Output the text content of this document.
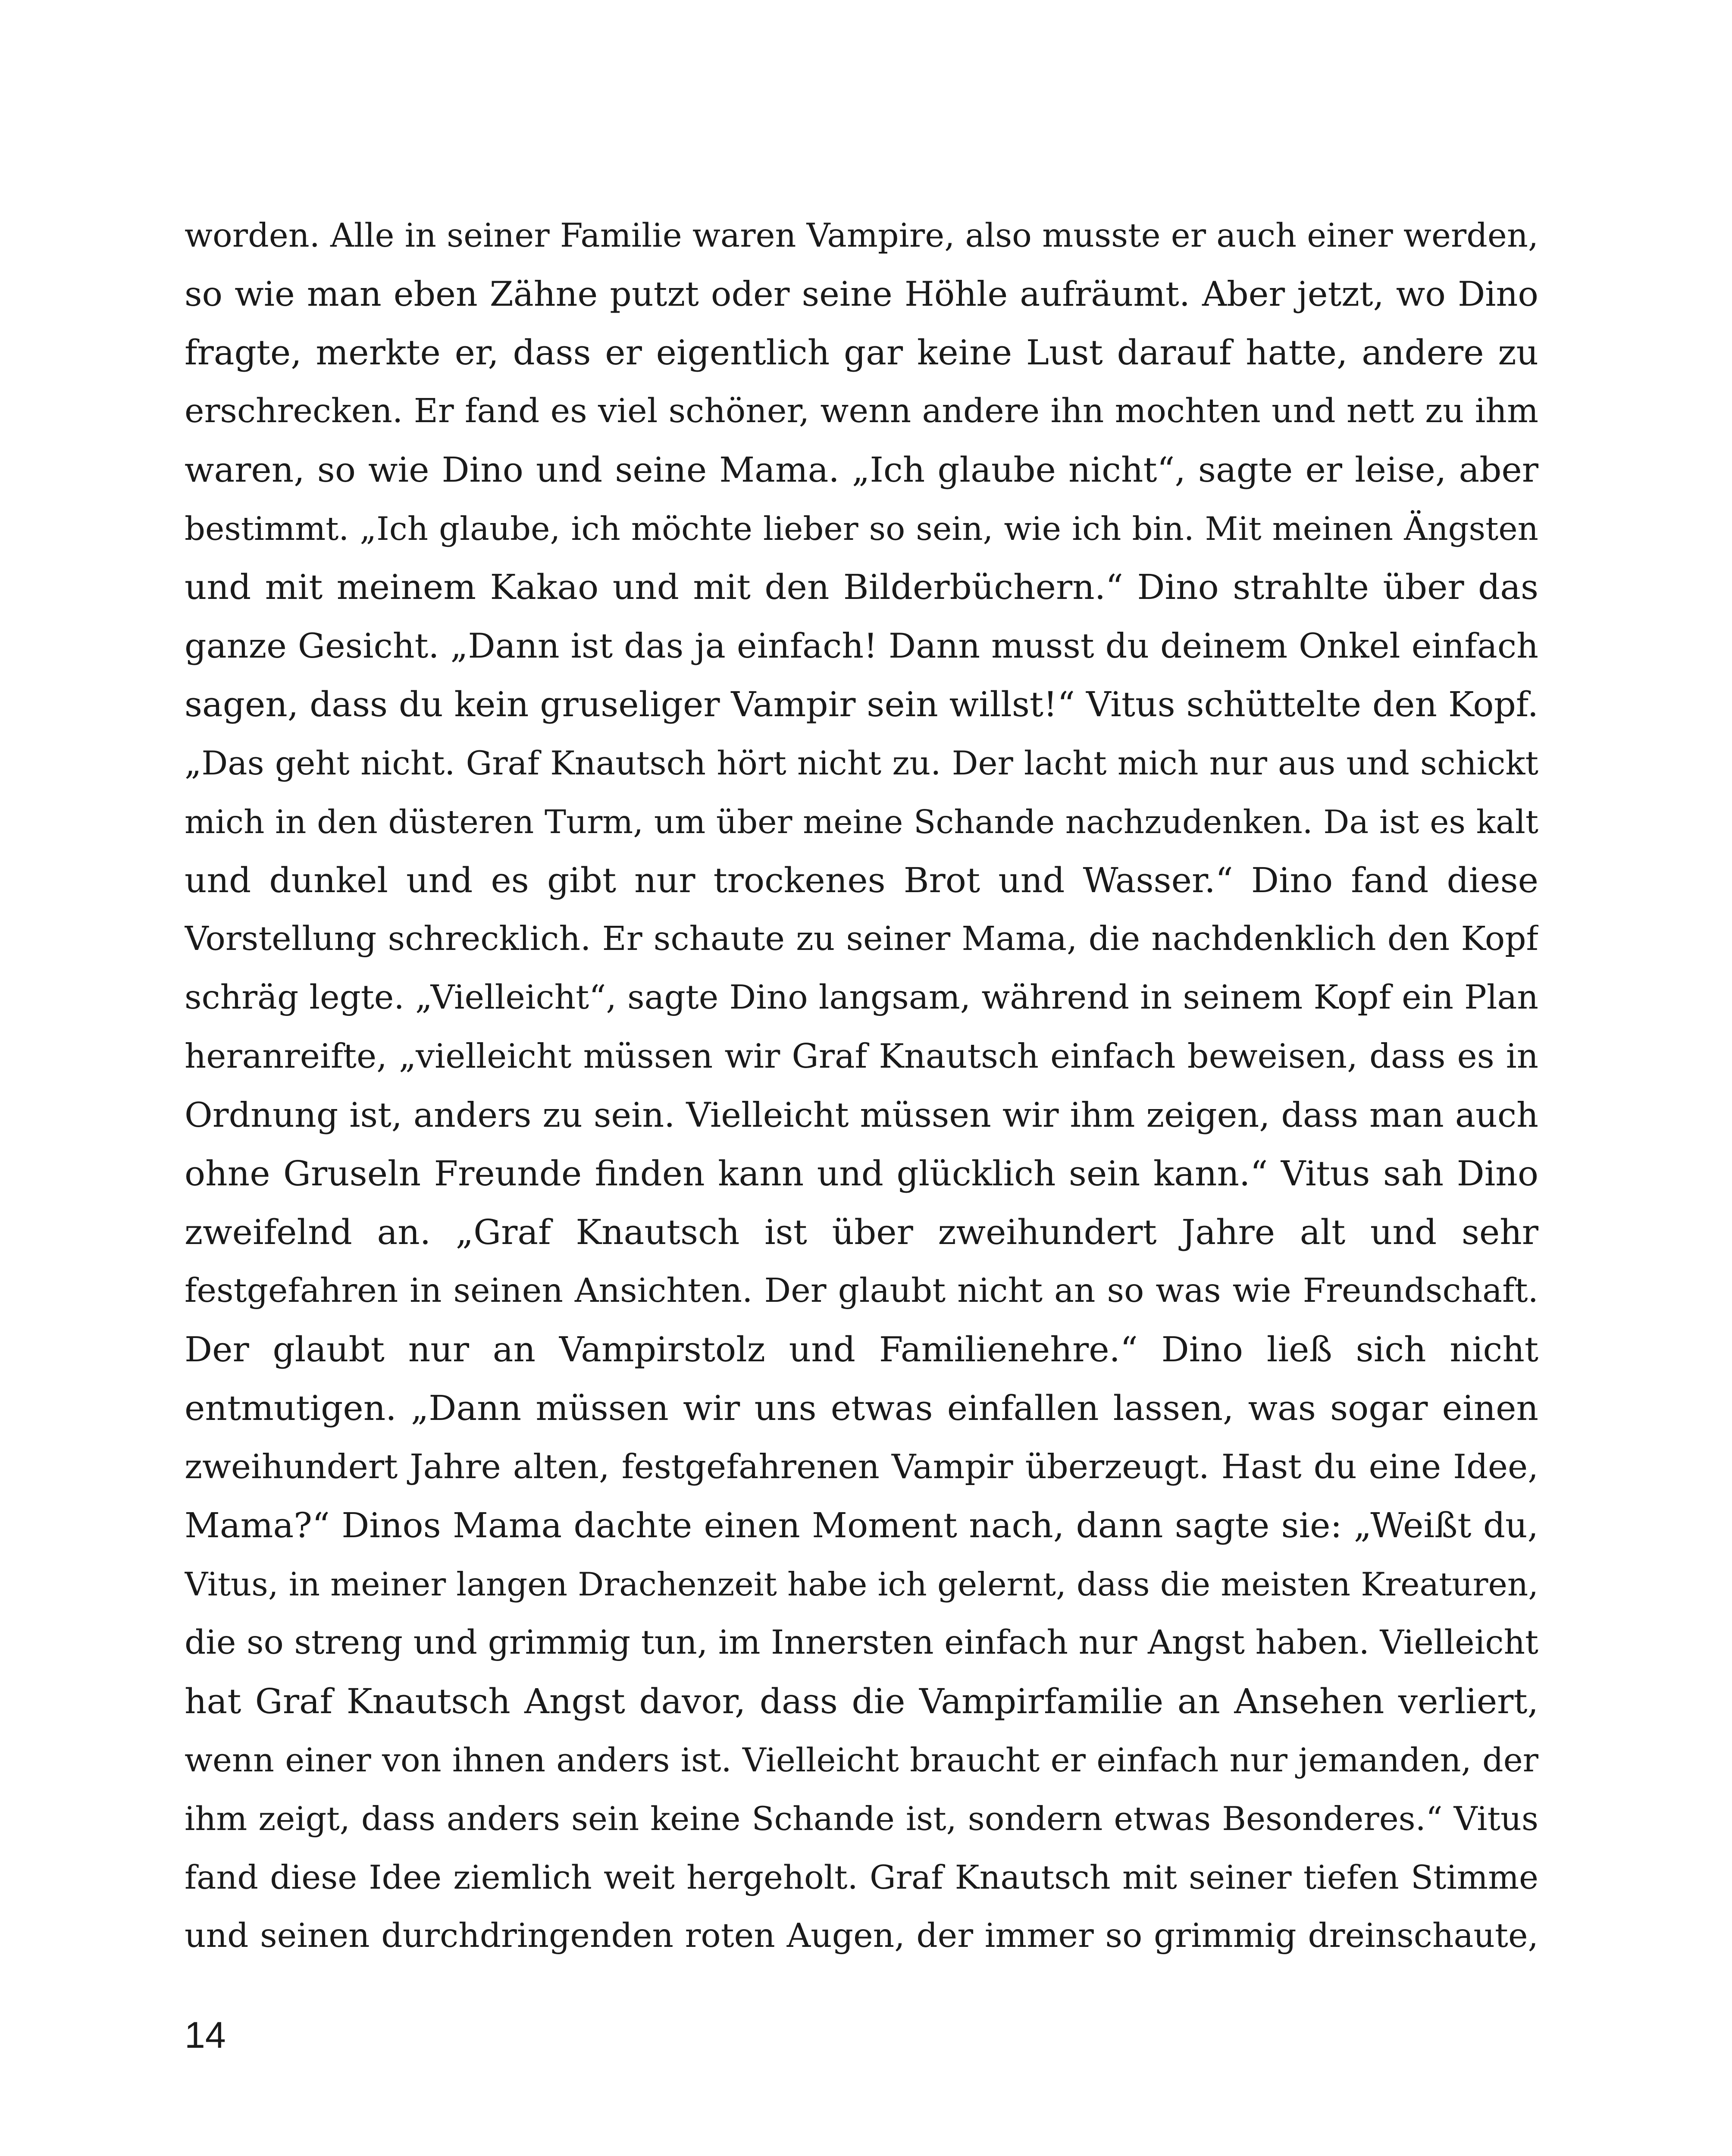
worden. Alle in seiner Familie waren Vampire, also musste er auch einer werden,
so wie man eben Zähne putzt oder seine Höhle aufräumt. Aber jetzt, wo Dino
fragte, merkte er, dass er eigentlich gar keine Lust darauf hatte, andere zu
erschrecken. Er fand es viel schöner, wenn andere ihn mochten und nett zu ihm
waren, so wie Dino und seine Mama. „Ich glaube nicht“, sagte er leise, aber
bestimmt. „Ich glaube, ich möchte lieber so sein, wie ich bin. Mit meinen Ängsten
und mit meinem Kakao und mit den Bilderbüchern.“ Dino strahlte über das
ganze Gesicht. „Dann ist das ja einfach! Dann musst du deinem Onkel einfach
sagen, dass du kein gruseliger Vampir sein willst!“ Vitus schüttelte den Kopf.
„Das geht nicht. Graf Knautsch hört nicht zu. Der lacht mich nur aus und schickt
mich in den düsteren Turm, um über meine Schande nachzudenken. Da ist es kalt
und dunkel und es gibt nur trockenes Brot und Wasser.“ Dino fand diese
Vorstellung schrecklich. Er schaute zu seiner Mama, die nachdenklich den Kopf
schräg legte. „Vielleicht“, sagte Dino langsam, während in seinem Kopf ein Plan
heranreifte, „vielleicht müssen wir Graf Knautsch einfach beweisen, dass es in
Ordnung ist, anders zu sein. Vielleicht müssen wir ihm zeigen, dass man auch
ohne Gruseln Freunde finden kann und glücklich sein kann.“ Vitus sah Dino
zweifelnd an. „Graf Knautsch ist über zweihundert Jahre alt und sehr
festgefahren in seinen Ansichten. Der glaubt nicht an so was wie Freundschaft.
Der glaubt nur an Vampirstolz und Familienehre.“ Dino ließ sich nicht
entmutigen. „Dann müssen wir uns etwas einfallen lassen, was sogar einen
zweihundert Jahre alten, festgefahrenen Vampir überzeugt. Hast du eine Idee,
Mama?“ Dinos Mama dachte einen Moment nach, dann sagte sie: „Weißt du,
Vitus, in meiner langen Drachenzeit habe ich gelernt, dass die meisten Kreaturen,
die so streng und grimmig tun, im Innersten einfach nur Angst haben. Vielleicht
hat Graf Knautsch Angst davor, dass die Vampirfamilie an Ansehen verliert,
wenn einer von ihnen anders ist. Vielleicht braucht er einfach nur jemanden, der
ihm zeigt, dass anders sein keine Schande ist, sondern etwas Besonderes.“ Vitus
fand diese Idee ziemlich weit hergeholt. Graf Knautsch mit seiner tiefen Stimme
und seinen durchdringenden roten Augen, der immer so grimmig dreinschaute,
14
